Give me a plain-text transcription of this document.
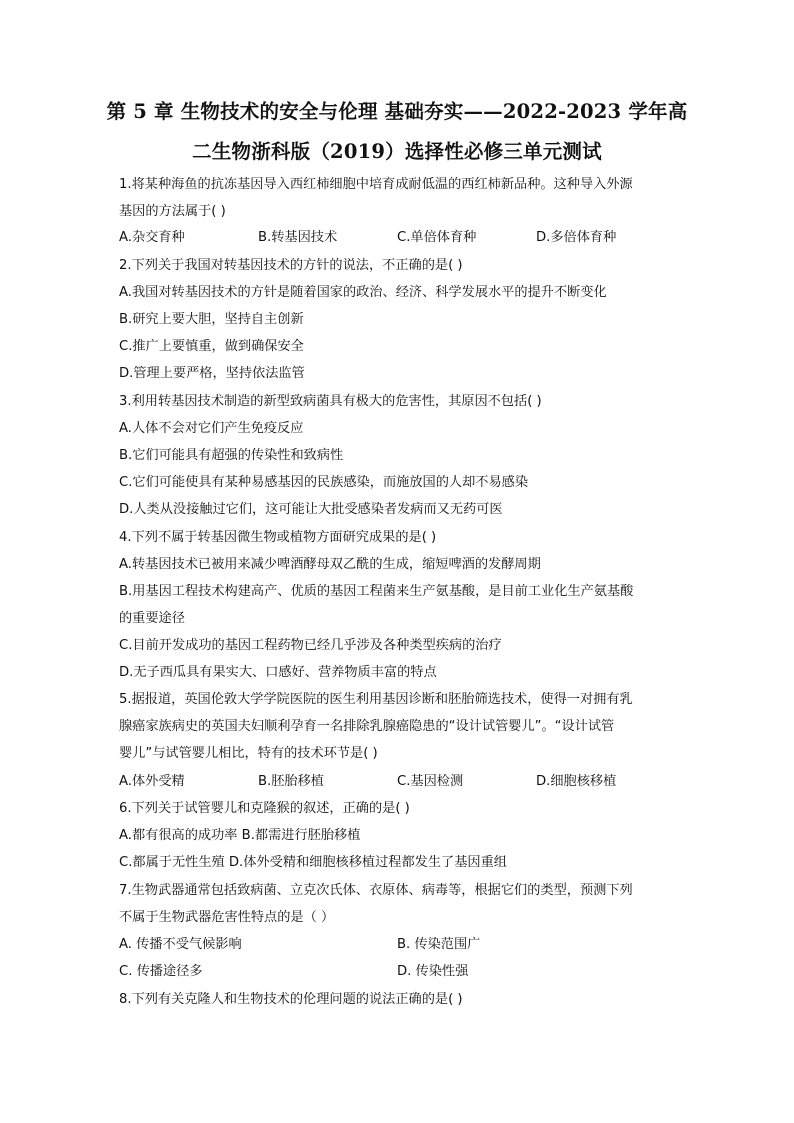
第 5 章 生物技术的安全与伦理 基础夯实——2022-2023 学年高
二生物浙科版（2019）选择性必修三单元测试
1.将某种海鱼的抗冻基因导入西红柿细胞中培育成耐低温的西红柿新品种。这种导入外源
基因的方法属于( )
A.杂交育种	B.转基因技术	C.单倍体育种	D.多倍体育种
2.下列关于我国对转基因技术的方针的说法，不正确的是( )
A.我国对转基因技术的方针是随着国家的政治、经济、科学发展水平的提升不断变化
B.研究上要大胆，坚持自主创新
C.推广上要慎重，做到确保安全
D.管理上要严格，坚持依法监管
3.利用转基因技术制造的新型致病菌具有极大的危害性，其原因不包括( )
A.人体不会对它们产生免疫反应
B.它们可能具有超强的传染性和致病性
C.它们可能使具有某种易感基因的民族感染，而施放国的人却不易感染
D.人类从没接触过它们，这可能让大批受感染者发病而又无药可医
4.下列不属于转基因微生物或植物方面研究成果的是( )
A.转基因技术已被用来减少啤酒酵母双乙酰的生成，缩短啤酒的发酵周期
B.用基因工程技术构建高产、优质的基因工程菌来生产氨基酸，是目前工业化生产氨基酸
的重要途径
C.目前开发成功的基因工程药物已经几乎涉及各种类型疾病的治疗
D.无子西瓜具有果实大、口感好、营养物质丰富的特点
5.据报道，英国伦敦大学学院医院的医生利用基因诊断和胚胎筛选技术，使得一对拥有乳
腺癌家族病史的英国夫妇顺利孕育一名排除乳腺癌隐患的“设计试管婴儿”。“设计试管
婴儿”与试管婴儿相比，特有的技术环节是( )
A.体外受精	B.胚胎移植	C.基因检测	D.细胞核移植
6.下列关于试管婴儿和克隆猴的叙述，正确的是( )
A.都有很高的成功率 B.都需进行胚胎移植
C.都属于无性生殖 D.体外受精和细胞核移植过程都发生了基因重组
7.生物武器通常包括致病菌、立克次氏体、衣原体、病毒等，根据它们的类型，预测下列
不属于生物武器危害性特点的是（ ）
A. 传播不受气候影响	B. 传染范围广
C. 传播途径多	D. 传染性强
8.下列有关克隆人和生物技术的伦理问题的说法正确的是( )
